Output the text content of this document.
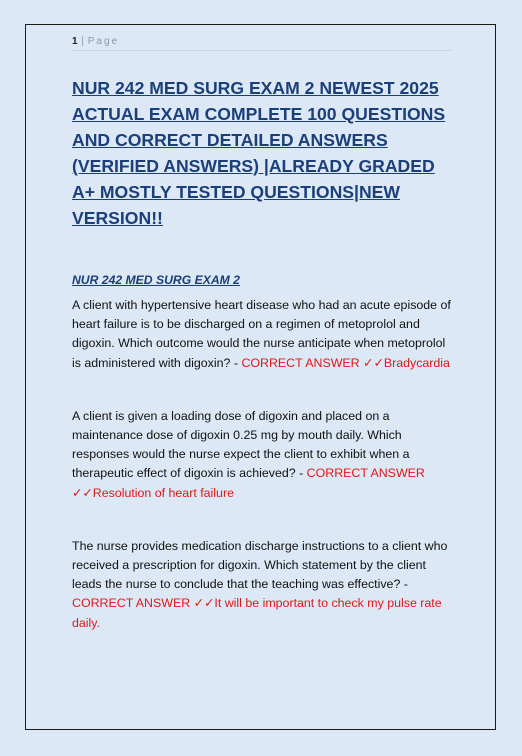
1 | Page
NUR 242 MED SURG EXAM 2 NEWEST 2025 ACTUAL EXAM COMPLETE 100 QUESTIONS AND CORRECT DETAILED ANSWERS (VERIFIED ANSWERS) |ALREADY GRADED A+ MOSTLY TESTED QUESTIONS|NEW VERSION!!
NUR 242 MED SURG EXAM 2
A client with hypertensive heart disease who had an acute episode of heart failure is to be discharged on a regimen of metoprolol and digoxin. Which outcome would the nurse anticipate when metoprolol is administered with digoxin? - CORRECT ANSWER ✓✓Bradycardia
A client is given a loading dose of digoxin and placed on a maintenance dose of digoxin 0.25 mg by mouth daily. Which responses would the nurse expect the client to exhibit when a therapeutic effect of digoxin is achieved? - CORRECT ANSWER ✓✓Resolution of heart failure
The nurse provides medication discharge instructions to a client who received a prescription for digoxin. Which statement by the client leads the nurse to conclude that the teaching was effective? - CORRECT ANSWER ✓✓It will be important to check my pulse rate daily.
